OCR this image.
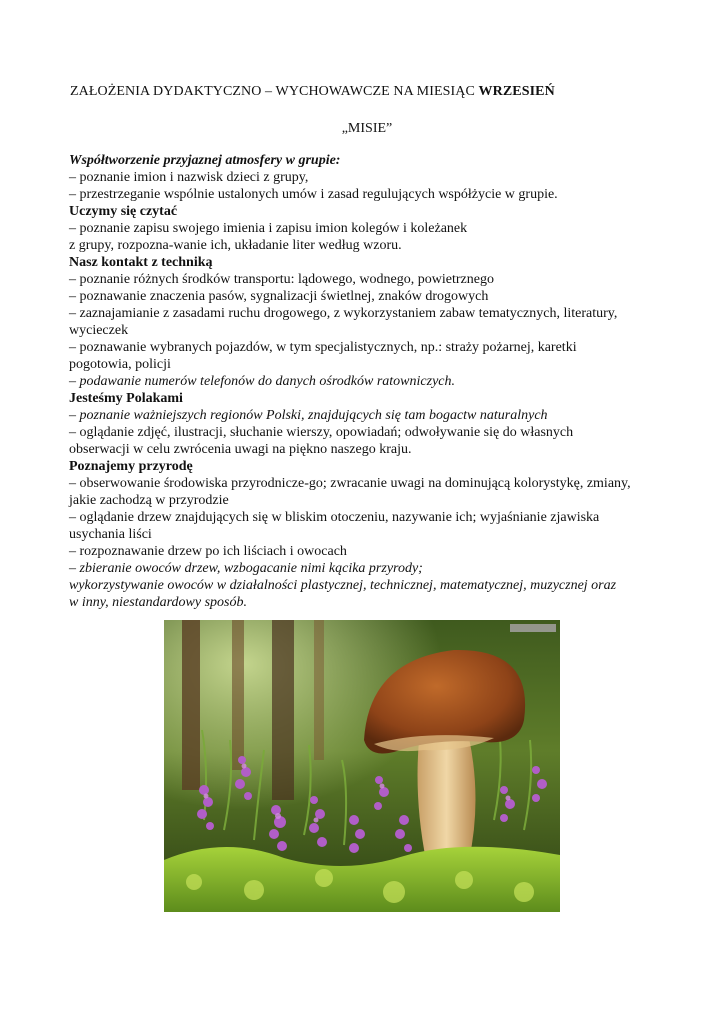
ZAŁOŻENIA DYDAKTYCZNO – WYCHOWAWCZE NA MIESIĄC WRZESIEŃ
„MISIE”

Współtworzenie przyjaznej atmosfery w grupie:

– poznanie imion i nazwisk dzieci z grupy,

– przestrzeganie wspólnie ustalonych umów i zasad regulujących współżycie w grupie.

Uczymy się czytać

– poznanie zapisu swojego imienia i zapisu imion kolegów i koleżanek

z grupy, rozpozna-wanie ich, układanie liter według wzoru.

Nasz kontakt z techniką

– poznanie różnych środków transportu: lądowego, wodnego, powietrznego

– poznawanie znaczenia pasów, sygnalizacji świetlnej, znaków drogowych

– zaznajamianie z zasadami ruchu drogowego, z wykorzystaniem zabaw tematycznych, literatury,

wycieczek

– poznawanie wybranych pojazdów, w tym specjalistycznych, np.: straży pożarnej, karetki

pogotowia, policji

– podawanie numerów telefonów do danych ośrodków ratowniczych.

Jesteśmy Polakami

– poznanie ważniejszych regionów Polski, znajdujących się tam bogactw naturalnych

– oglądanie zdjęć, ilustracji, słuchanie wierszy, opowiadań; odwoływanie się do własnych

obserwacji w celu zwrócenia uwagi na piękno naszego kraju.

Poznajemy przyrodę

– obserwowanie środowiska przyrodnicze-go; zwracanie uwagi na dominującą kolorystykę, zmiany,

jakie zachodzą w przyrodzie

– oglądanie drzew znajdujących się w bliskim otoczeniu, nazywanie ich; wyjaśnianie zjawiska

usychania liści

– rozpoznawanie drzew po ich liściach i owocach

– zbieranie owoców drzew, wzbogacanie nimi kącika przyrody;

wykorzystywanie owoców w działalności plastycznej, technicznej, matematycznej, muzycznej oraz

w inny, niestandardowy sposób.
